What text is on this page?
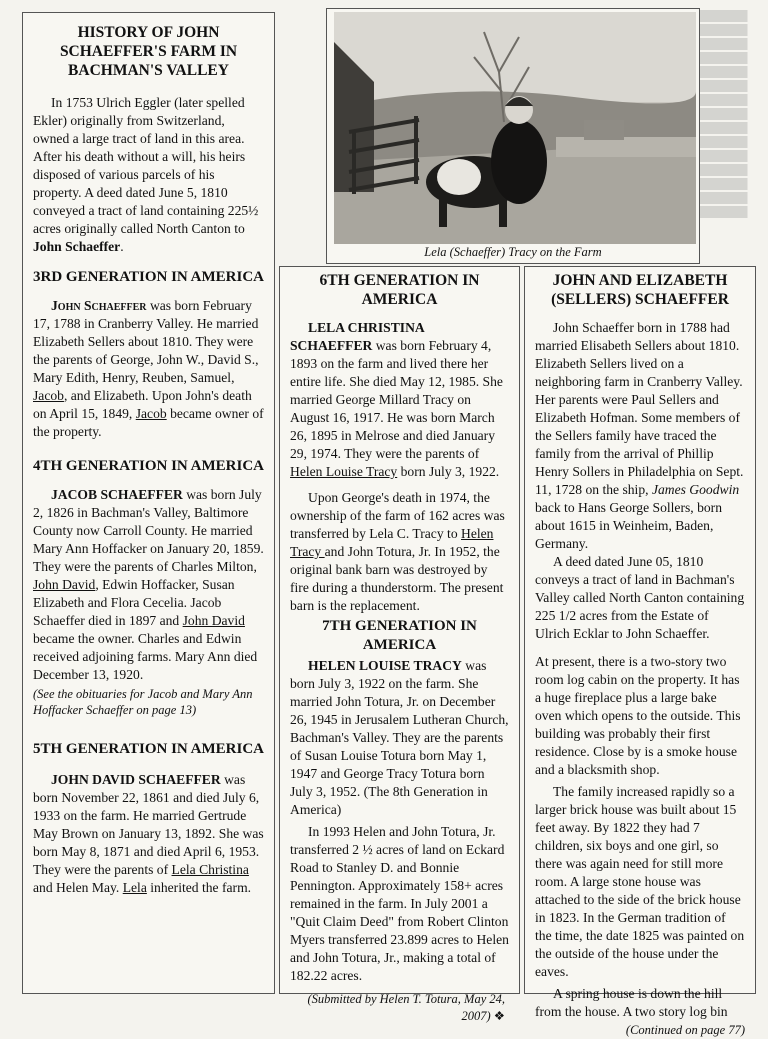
HISTORY OF JOHN SCHAEFFER'S FARM IN BACHMAN'S VALLEY

In 1753 Ulrich Eggler (later spelled Ekler) originally from Switzerland, owned a large tract of land in this area. After his death without a will, his heirs disposed of various parcels of his property. A deed dated June 5, 1810 conveyed a tract of land containing 225½ acres originally called North Canton to John Schaeffer.

3RD GENERATION IN AMERICA

John Schaeffer was born February 17, 1788 in Cranberry Valley. He married Elizabeth Sellers about 1810. They were the parents of George, John W., David S., Mary Edith, Henry, Reuben, Samuel, Jacob, and Elizabeth. Upon John's death on April 15, 1849, Jacob became owner of the property.

4TH GENERATION IN AMERICA

JACOB SCHAEFFER was born July 2, 1826 in Bachman's Valley, Baltimore County now Carroll County. He married Mary Ann Hoffacker on January 20, 1859. They were the parents of Charles Milton, John David, Edwin Hoffacker, Susan Elizabeth and Flora Cecelia. Jacob Schaeffer died in 1897 and John David became the owner. Charles and Edwin received adjoining farms. Mary Ann died December 13, 1920.

(See the obituaries for Jacob and Mary Ann Hoffacker Schaeffer on page 13)
5TH GENERATION IN AMERICA

JOHN DAVID SCHAEFFER was born November 22, 1861 and died July 6, 1933 on the farm. He married Gertrude May Brown on January 13, 1892. She was born May 8, 1871 and died April 6, 1953. They were the parents of Lela Christina and Helen May. Lela inherited the farm.

Lela (Schaeffer) Tracy on the Farm
6TH GENERATION IN AMERICA

LELA CHRISTINA SCHAEFFER was born February 4, 1893 on the farm and lived there her entire life. She died May 12, 1985. She married George Millard Tracy on August 16, 1917. He was born March 26, 1895 in Melrose and died January 29, 1974. They were the parents of Helen Louise Tracy born July 3, 1922.

Upon George's death in 1974, the ownership of the farm of 162 acres was transferred by Lela C. Tracy to Helen Tracy and John Totura, Jr. In 1952, the original bank barn was destroyed by fire during a thunderstorm. The present barn is the replacement.

7TH GENERATION IN AMERICA

HELEN LOUISE TRACY was born July 3, 1922 on the farm. She married John Totura, Jr. on December 26, 1945 in Jerusalem Lutheran Church, Bachman's Valley. They are the parents of Susan Louise Totura born May 1, 1947 and George Tracy Totura born July 3, 1952. (The 8th Generation in America)

In 1993 Helen and John Totura, Jr. transferred 2 ½ acres of land on Eckard Road to Stanley D. and Bonnie Pennington. Approximately 158+ acres remained in the farm. In July 2001 a "Quit Claim Deed" from Robert Clinton Myers transferred 23.899 acres to Helen and John Totura, Jr., making a total of 182.22 acres.

(Submitted by Helen T. Totura, May 24, 2007) ❖
JOHN AND ELIZABETH (SELLERS) SCHAEFFER

John Schaeffer born in 1788 had married Elisabeth Sellers about 1810. Elizabeth Sellers lived on a neighboring farm in Cranberry Valley. Her parents were Paul Sellers and Elizabeth Hofman. Some members of the Sellers family have traced the family from the arrival of Phillip Henry Sollers in Philadelphia on Sept. 11, 1728 on the ship, James Goodwin back to Hans George Sollers, born about 1615 in Weinheim, Baden, Germany.

A deed dated June 05, 1810 conveys a tract of land in Bachman's Valley called North Canton containing 225 1/2 acres from the Estate of Ulrich Ecklar to John Schaeffer.

At present, there is a two-story two room log cabin on the property. It has a huge fireplace plus a large bake oven which opens to the outside. This building was probably their first residence. Close by is a smoke house and a blacksmith shop.

The family increased rapidly so a larger brick house was built about 15 feet away. By 1822 they had 7 children, six boys and one girl, so there was again need for still more room. A large stone house was attached to the side of the brick house in 1823. In the German tradition of the time, the date 1825 was painted on the outside of the house under the eaves.

A spring house is down the hill from the house. A two story log bin

(Continued on page 77)
